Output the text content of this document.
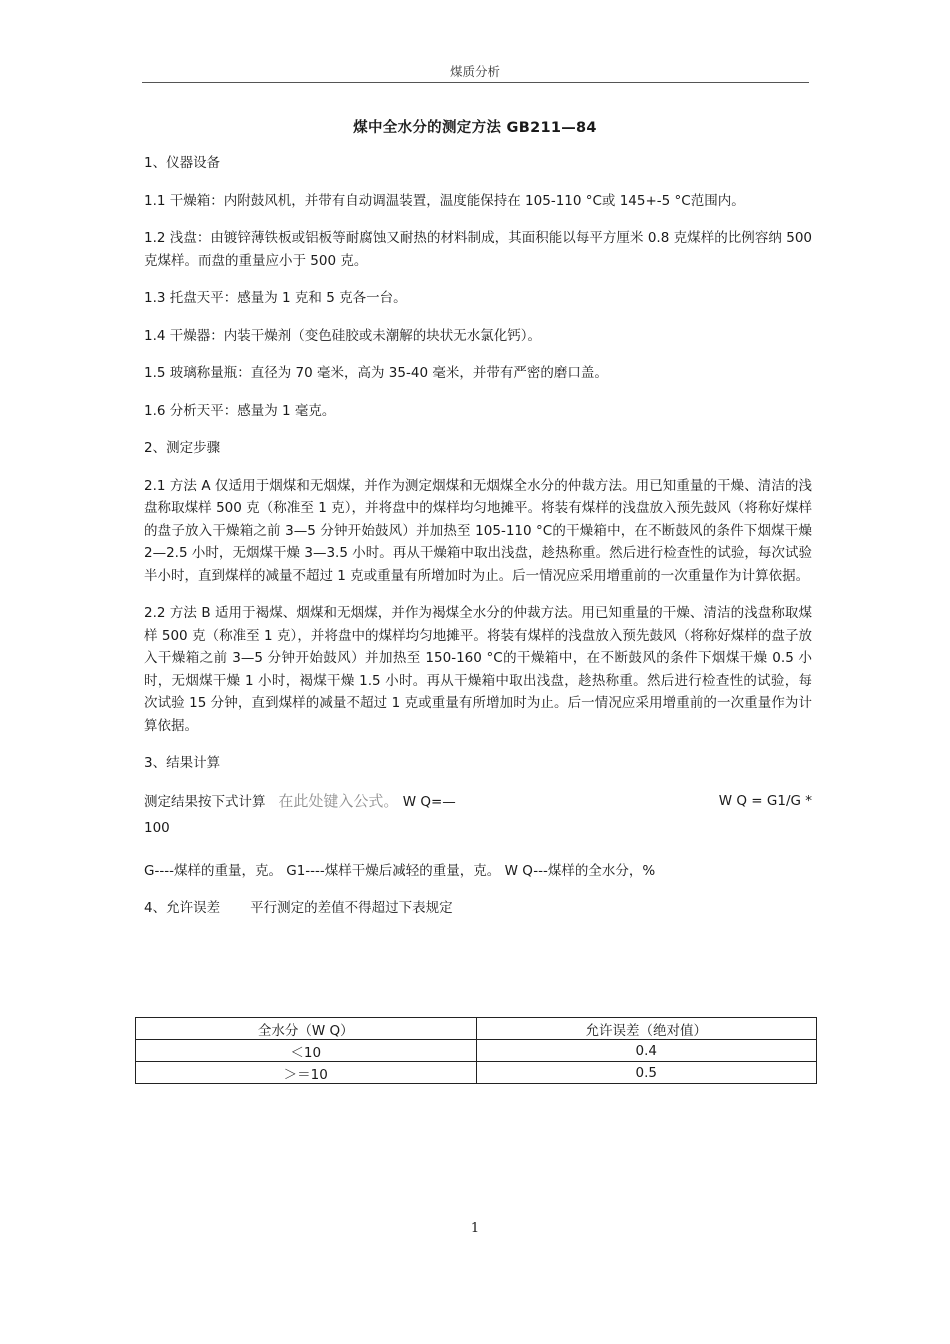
煤质分析
煤中全水分的测定方法 GB211—84

1、仪器设备

1.1 干燥箱：内附鼓风机，并带有自动调温装置，温度能保持在 105-110 °C或 145+-5 °C范围内。

1.2 浅盘：由镀锌薄铁板或铝板等耐腐蚀又耐热的材料制成，其面积能以每平方厘米 0.8 克煤样的比例容纳 500 克煤样。而盘的重量应小于 500 克。

1.3 托盘天平：感量为 1 克和 5 克各一台。

1.4 干燥器：内装干燥剂（变色硅胶或未潮解的块状无水氯化钙）。

1.5 玻璃称量瓶：直径为 70 毫米，高为 35-40 毫米，并带有严密的磨口盖。

1.6 分析天平：感量为 1 毫克。

2、测定步骤

2.1 方法 A 仅适用于烟煤和无烟煤，并作为测定烟煤和无烟煤全水分的仲裁方法。用已知重量的干燥、清洁的浅盘称取煤样 500 克（称准至 1 克），并将盘中的煤样均匀地摊平。将装有煤样的浅盘放入预先鼓风（将称好煤样的盘子放入干燥箱之前 3—5 分钟开始鼓风）并加热至 105-110 °C的干燥箱中，在不断鼓风的条件下烟煤干燥 2—2.5 小时，无烟煤干燥 3—3.5 小时。再从干燥箱中取出浅盘，趁热称重。然后进行检查性的试验，每次试验半小时，直到煤样的减量不超过 1 克或重量有所增加时为止。后一情况应采用增重前的一次重量作为计算依据。

2.2 方法 B 适用于褐煤、烟煤和无烟煤，并作为褐煤全水分的仲裁方法。用已知重量的干燥、清洁的浅盘称取煤样 500 克（称准至 1 克），并将盘中的煤样均匀地摊平。将装有煤样的浅盘放入预先鼓风（将称好煤样的盘子放入干燥箱之前 3—5 分钟开始鼓风）并加热至 150-160 °C的干燥箱中，在不断鼓风的条件下烟煤干燥 0.5 小时，无烟煤干燥 1 小时，褐煤干燥 1.5 小时。再从干燥箱中取出浅盘，趁热称重。然后进行检查性的试验，每次试验 15 分钟，直到煤样的减量不超过 1 克或重量有所增加时为止。后一情况应采用增重前的一次重量作为计算依据。

3、结果计算

测定结果按下式计算 在此处键入公式。 W Q=—	W Q = G1/G *

100

G----煤样的重量，克。 G1----煤样干燥后减轻的重量，克。 W Q---煤样的全水分，%

4、允许误差 平行测定的差值不得超过下表规定

全水分（W Q）	允许误差（绝对值）
＜10	0.4
＞＝10	0.5
1
